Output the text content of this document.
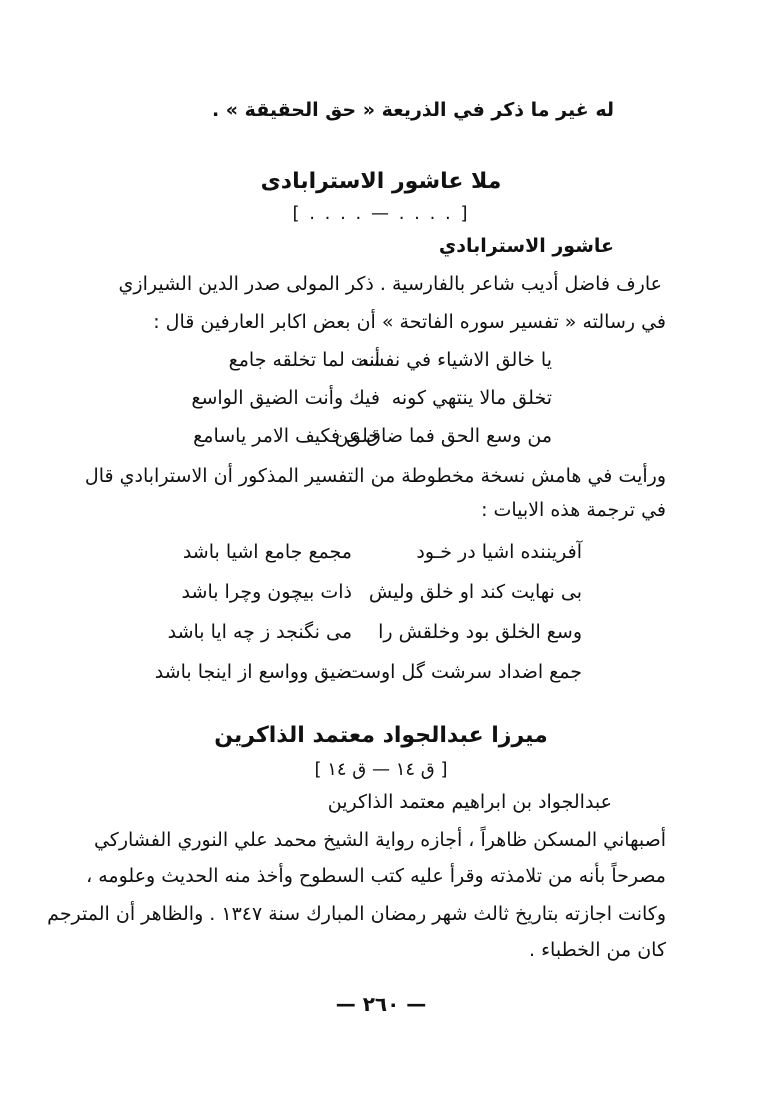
له غير ما ذكر في الذريعة « حق الحقيقة » .
ملا عاشور الاسترابادى
[ . . . . — . . . . ]
عاشور الاسترابادي
عارف فاضل أديب شاعر بالفارسية . ذكر المولى صدر الدين الشيرازي
في رسالته « تفسير سوره الفاتحة » أن بعض اكابر العارفين قال :
يا خالق الاشياء في نفسه
أنت لما تخلقه جامع
تخلق مالا ينتهي كونه
فيك وأنت الضيق الواسع
من وسع الحق فما ضاق عن
خلق فكيف الامر ياسامع
ورأيت في هامش نسخة مخطوطة من التفسير المذكور أن الاسترابادي قال
في ترجمة هذه الابيات :
آفريننده اشيا در خـود
مجمع جامع اشيا باشد
بی نهایت کند او خلق ولیش
ذات بيچون وچرا باشد
وسع الخلق بود وخلقش را
مى نگنجد ز چه ايا باشد
جمع اضداد سرشت گل اوست
ضيق وواسع از اينجا باشد
ميرزا عبدالجواد معتمد الذاكرين
[ ق ١٤ — ق ١٤ ]
عبدالجواد بن ابراهيم معتمد الذاكرين
أصبهاني المسكن ظاهراً ، أجازه رواية الشيخ محمد علي النوري الفشاركي
مصرحاً بأنه من تلامذته وقرأ عليه كتب السطوح وأخذ منه الحديث وعلومه ،
وكانت اجازته بتاريخ ثالث شهر رمضان المبارك سنة ١٣٤٧ . والظاهر أن المترجم
كان من الخطباء .
— ٢٦٠ —
